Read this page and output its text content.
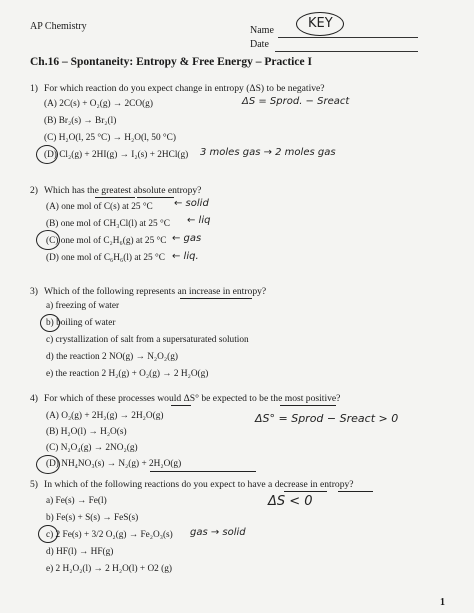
AP Chemistry	Name	KEY
Date
Ch.16 – Spontaneity: Entropy & Free Energy – Practice I
1) For which reaction do you expect change in entropy (ΔS) to be negative?
(A) 2C(s) + O₂(g) → 2CO(g)
(B) Br₂(s) → Br₂(l)
(C) H₂O(l, 25 °C) → H₂O(l, 50 °C)
(D) Cl₂(g) + 2HI(g) → I₂(s) + 2HCl(g)
ΔS = Sprod. − Sreact
3 moles gas → 2 moles gas
2) Which has the greatest absolute entropy?
(A) one mol of C(s) at 25 °C
(B) one mol of CH₃Cl(l) at 25 °C
(C) one mol of C₂H₆(g) at 25 °C
(D) one mol of C₆H₆(l) at 25 °C
← solid
← liq
← gas
← liq.
3) Which of the following represents an increase in entropy?
a) freezing of water
b) boiling of water
c) crystallization of salt from a supersaturated solution
d) the reaction 2 NO(g) → N₂O₂(g)
e) the reaction 2 H₂(g) + O₂(g) → 2 H₂O(g)
4) For which of these processes would ΔS° be expected to be the most positive?
(A) O₂(g) + 2H₂(g) → 2H₂O(g)
(B) H₂O(l) → H₂O(s)
(C) N₂O₄(g) → 2NO₂(g)
(D) NH₄NO₃(s) → N₂(g) + 2H₂O(g)
ΔS° = Sprod − Sreact > 0
5) In which of the following reactions do you expect to have a decrease in entropy?
ΔS < 0
a) Fe(s) → Fe(l)
b) Fe(s) + S(s) → FeS(s)
c) 2 Fe(s) + 3/2 O₂(g) → Fe₂O₃(s)
d) HF(l) → HF(g)
e) 2 H₂O₂(l) → 2 H₂O(l) + O2 (g)
gas → solid
1
